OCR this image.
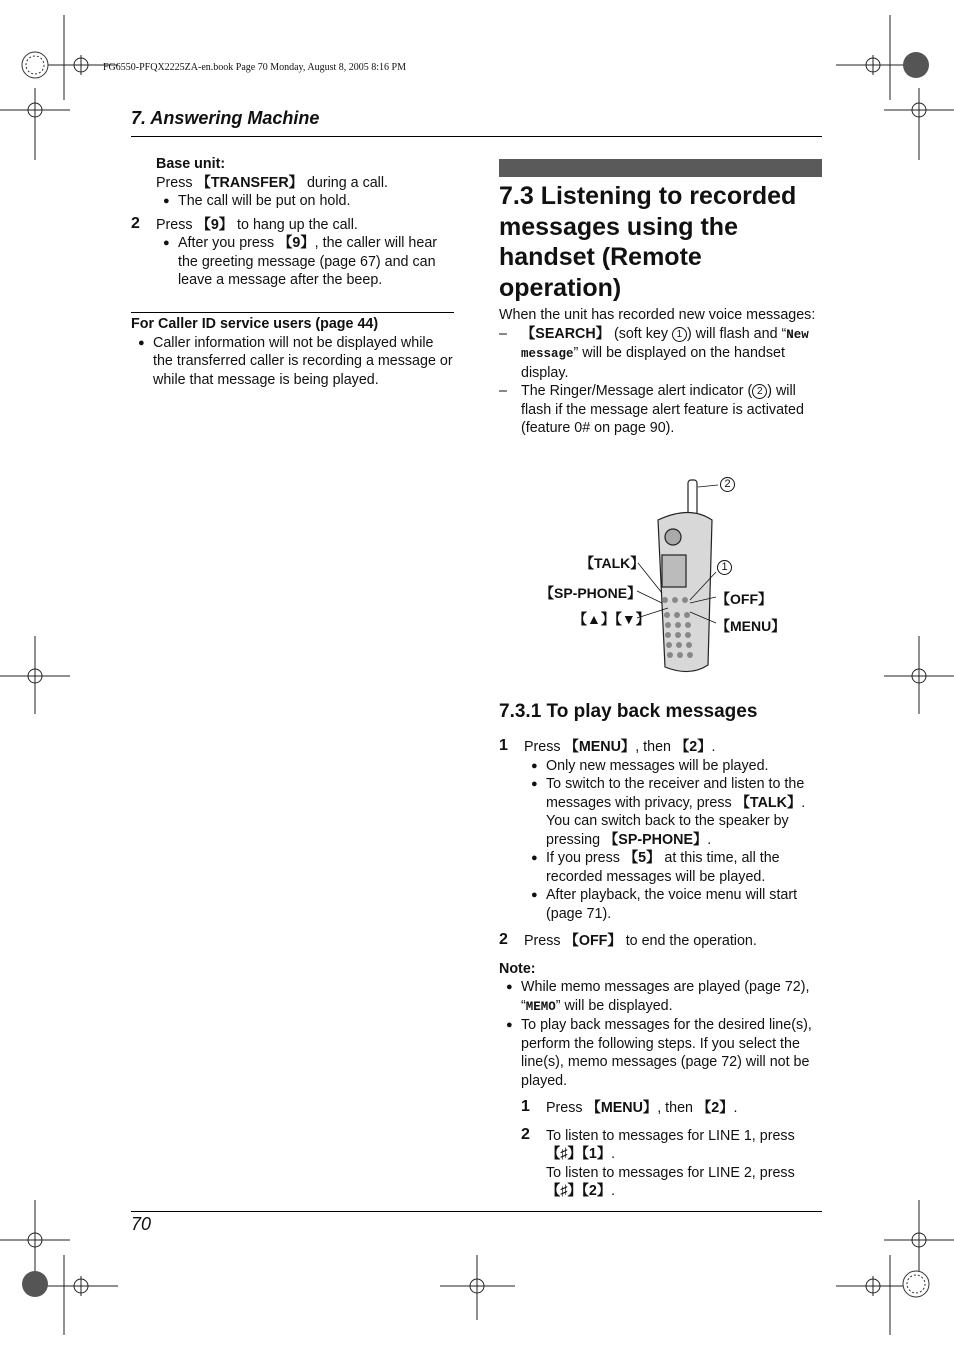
FG6550-PFQX2225ZA-en.book Page 70 Monday, August 8, 2005 8:16 PM
7. Answering Machine
Base unit:
Press 【TRANSFER】 during a call.
● The call will be put on hold.
2 Press 【9】 to hang up the call.
● After you press 【9】, the caller will hear the greeting message (page 67) and can leave a message after the beep.
For Caller ID service users (page 44)
● Caller information will not be displayed while the transferred caller is recording a message or while that message is being played.
7.3 Listening to recorded messages using the handset (Remote operation)
When the unit has recorded new voice messages:
– 【SEARCH】 (soft key 1 ) will flash and “New message” will be displayed on the handset display.
– The Ringer/Message alert indicator ( 2 ) will flash if the message alert feature is activated (feature 0# on page 90).
【TALK】
【SP-PHONE】
【▲】【▼】
【OFF】
【MENU】
1
2
7.3.1 To play back messages
1 Press 【MENU】, then 【2】.
● Only new messages will be played.
● To switch to the receiver and listen to the messages with privacy, press 【TALK】. You can switch back to the speaker by pressing 【SP-PHONE】.
● If you press 【5】 at this time, all the recorded messages will be played.
● After playback, the voice menu will start (page 71).
2 Press 【OFF】 to end the operation.
Note:
● While memo messages are played (page 72), “MEMO” will be displayed.
● To play back messages for the desired line(s), perform the following steps. If you select the line(s), memo messages (page 72) will not be played.
1 Press 【MENU】, then 【2】.
2 To listen to messages for LINE 1, press
【♯】【1】.
To listen to messages for LINE 2, press
【♯】【2】.
70
